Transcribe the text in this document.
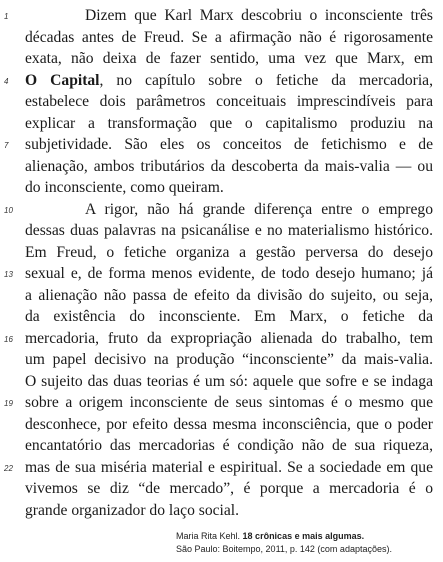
Dizem que Karl Marx descobriu o inconsciente três
1
décadas antes de Freud. Se a afirmação não é rigorosamente
exata, não deixa de fazer sentido, uma vez que Marx, em
O Capital, no capítulo sobre o fetiche da mercadoria,
4
estabelece dois parâmetros conceituais imprescindíveis para
explicar a transformação que o capitalismo produziu na
subjetividade. São eles os conceitos de fetichismo e de
7
alienação, ambos tributários da descoberta da mais-valia — ou
do inconsciente, como queiram.
A rigor, não há grande diferença entre o emprego
10
dessas duas palavras na psicanálise e no materialismo histórico.
Em Freud, o fetiche organiza a gestão perversa do desejo
sexual e, de forma menos evidente, de todo desejo humano; já
13
a alienação não passa de efeito da divisão do sujeito, ou seja,
da existência do inconsciente. Em Marx, o fetiche da
mercadoria, fruto da expropriação alienada do trabalho, tem
16
um papel decisivo na produção “inconsciente” da mais-valia.
O sujeito das duas teorias é um só: aquele que sofre e se indaga
sobre a origem inconsciente de seus sintomas é o mesmo que
19
desconhece, por efeito dessa mesma inconsciência, que o poder
encantatório das mercadorias é condição não de sua riqueza,
mas de sua miséria material e espiritual. Se a sociedade em que
22
vivemos se diz “de mercado”, é porque a mercadoria é o
grande organizador do laço social.
Maria Rita Kehl. 18 crônicas e mais algumas.
São Paulo: Boitempo, 2011, p. 142 (com adaptações).
